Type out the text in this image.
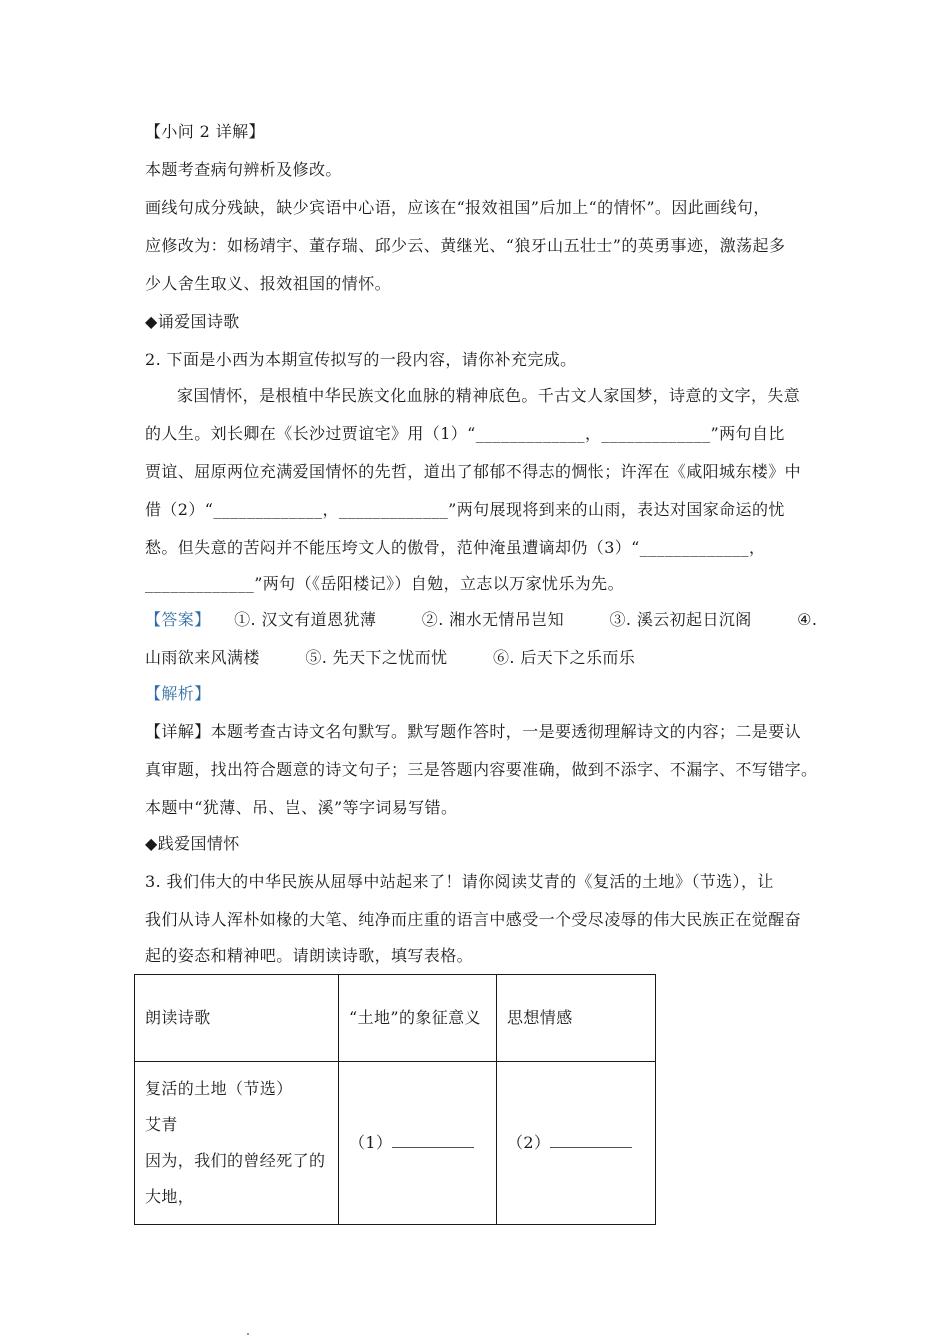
【小问 2 详解】
本题考查病句辨析及修改。
画线句成分残缺，缺少宾语中心语，应该在“报效祖国”后加上“的情怀”。因此画线句，
应修改为：如杨靖宇、董存瑞、邱少云、黄继光、“狼牙山五壮士”的英勇事迹，激荡起多
少人舍生取义、报效祖国的情怀。
◆诵爱国诗歌
2. 下面是小西为本期宣传拟写的一段内容，请你补充完成。
家国情怀，是根植中华民族文化血脉的精神底色。千古文人家国梦，诗意的文字，失意
的人生。刘长卿在《长沙过贾谊宅》用（1）“_____________，_____________”两句自比
贾谊、屈原两位充满爱国情怀的先哲，道出了郁郁不得志的惆怅；许浑在《咸阳城东楼》中
借（2）“_____________，_____________”两句展现将到来的山雨，表达对国家命运的忧
愁。但失意的苦闷并不能压垮文人的傲骨，范仲淹虽遭谪却仍（3）“_____________，
_____________”两句（《岳阳楼记》）自勉，立志以万家忧乐为先。
【答案】 ①. 汉文有道恩犹薄	②. 湘水无情吊岂知	③. 溪云初起日沉阁	④.
山雨欲来风满楼	⑤. 先天下之忧而忧	⑥. 后天下之乐而乐
【解析】
【详解】本题考查古诗文名句默写。默写题作答时，一是要透彻理解诗文的内容；二是要认
真审题，找出符合题意的诗文句子；三是答题内容要准确，做到不添字、不漏字、不写错字。
本题中“犹薄、吊、岂、溪”等字词易写错。
◆践爱国情怀
3. 我们伟大的中华民族从屈辱中站起来了！请你阅读艾青的《复活的土地》（节选），让
我们从诗人浑朴如椽的大笔、纯净而庄重的语言中感受一个受尽凌辱的伟大民族正在觉醒奋
起的姿态和精神吧。请朗读诗歌，填写表格。
朗读诗歌	“土地”的象征意义	思想情感

复活的土地（节选）
艾青
因为，我们的曾经死了的
大地，	（1）	（2）
